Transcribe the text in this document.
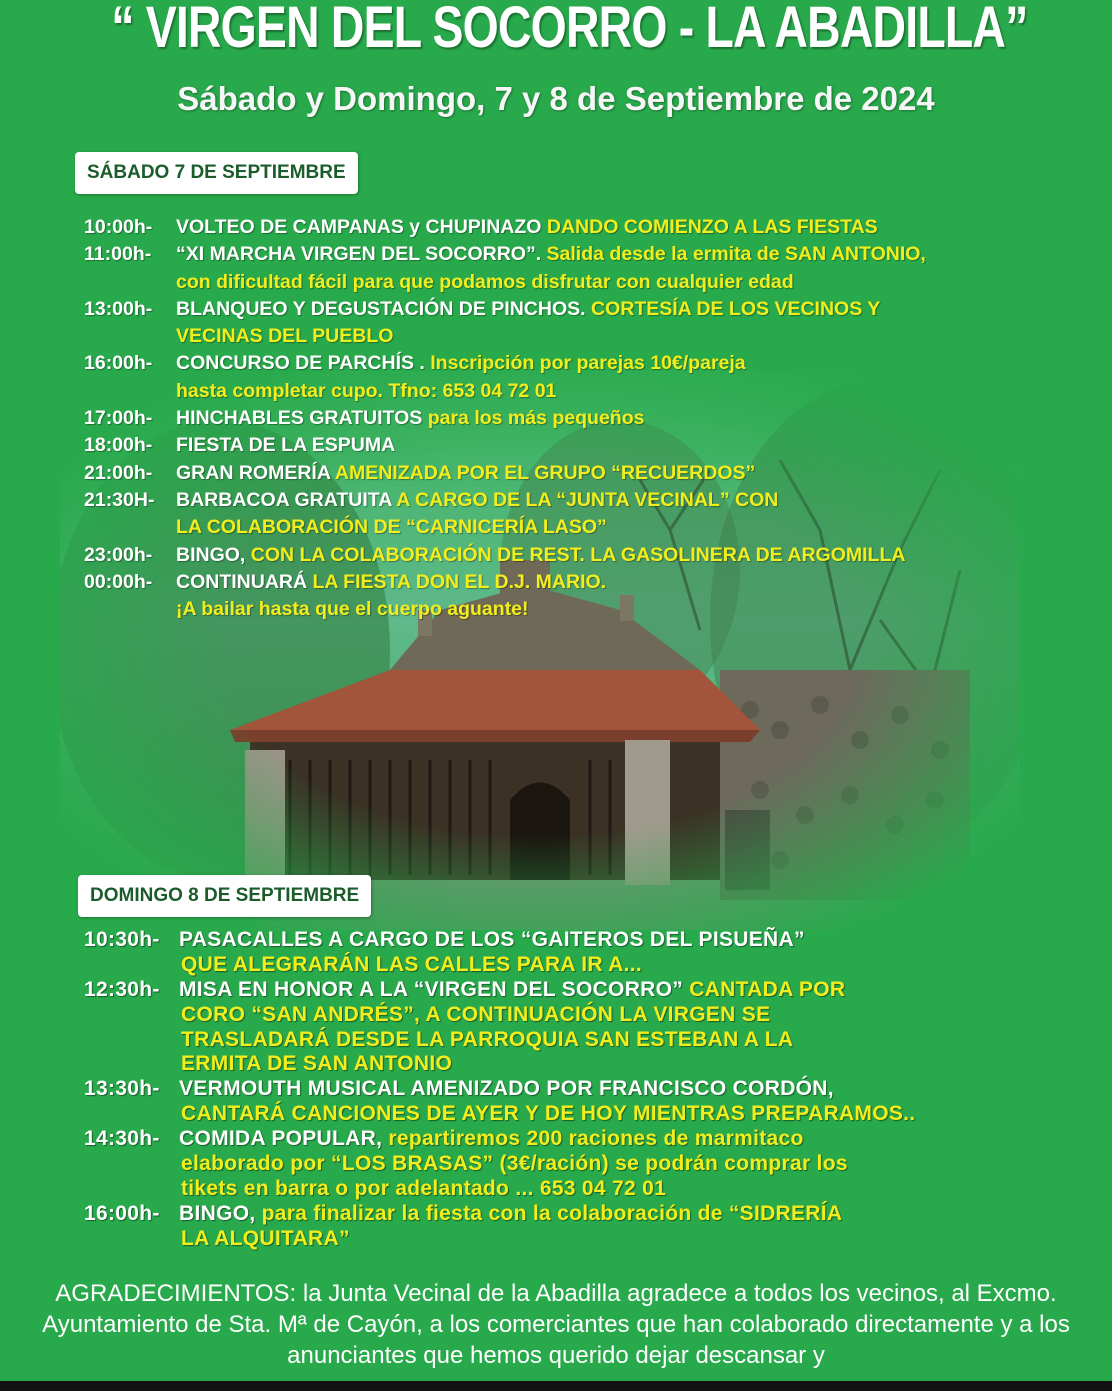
“ VIRGEN DEL SOCORRO - LA ABADILLA”
Sábado y Domingo, 7 y 8 de Septiembre de 2024
SÁBADO 7 DE SEPTIEMBRE
10:00h- VOLTEO DE CAMPANAS y CHUPINAZO DANDO COMIENZO A LAS FIESTAS
11:00h- “XI MARCHA VIRGEN DEL SOCORRO”. Salida desde la ermita de SAN ANTONIO,
con dificultad fácil para que podamos disfrutar con cualquier edad
13:00h- BLANQUEO Y DEGUSTACIÓN DE PINCHOS. CORTESÍA DE LOS VECINOS Y
VECINAS DEL PUEBLO
16:00h- CONCURSO DE PARCHÍS . Inscripción por parejas 10€/pareja
hasta completar cupo. Tfno: 653 04 72 01
17:00h- HINCHABLES GRATUITOS para los más pequeños
18:00h- FIESTA DE LA ESPUMA
21:00h- GRAN ROMERÍA AMENIZADA POR EL GRUPO “RECUERDOS”
21:30H- BARBACOA GRATUITA A CARGO DE LA “JUNTA VECINAL” CON
LA COLABORACIÓN DE “CARNICERÍA LASO”
23:00h- BINGO, CON LA COLABORACIÓN DE REST. LA GASOLINERA DE ARGOMILLA
00:00h- CONTINUARÁ LA FIESTA DON EL D.J. MARIO.
¡A bailar hasta que el cuerpo aguante!
DOMINGO 8 DE SEPTIEMBRE
10:30h- PASACALLES A CARGO DE LOS “GAITEROS DEL PISUEÑA”
QUE ALEGRARÁN LAS CALLES PARA IR A...
12:30h- MISA EN HONOR A LA “VIRGEN DEL SOCORRO” CANTADA POR
CORO “SAN ANDRÉS”, A CONTINUACIÓN LA VIRGEN SE
TRASLADARÁ DESDE LA PARROQUIA SAN ESTEBAN A LA
ERMITA DE SAN ANTONIO
13:30h- VERMOUTH MUSICAL AMENIZADO POR FRANCISCO CORDÓN,
CANTARÁ CANCIONES DE AYER Y DE HOY MIENTRAS PREPARAMOS..
14:30h- COMIDA POPULAR, repartiremos 200 raciones de marmitaco
elaborado por “LOS BRASAS” (3€/ración) se podrán comprar los
tikets en barra o por adelantado ... 653 04 72 01
16:00h- BINGO, para finalizar la fiesta con la colaboración de “SIDRERÍA
LA ALQUITARA”
AGRADECIMIENTOS: la Junta Vecinal de la Abadilla agradece a todos los vecinos, al Excmo. Ayuntamiento de Sta. Mª de Cayón, a los comerciantes que han colaborado directamente y a los anunciantes que hemos querido dejar descansar y
